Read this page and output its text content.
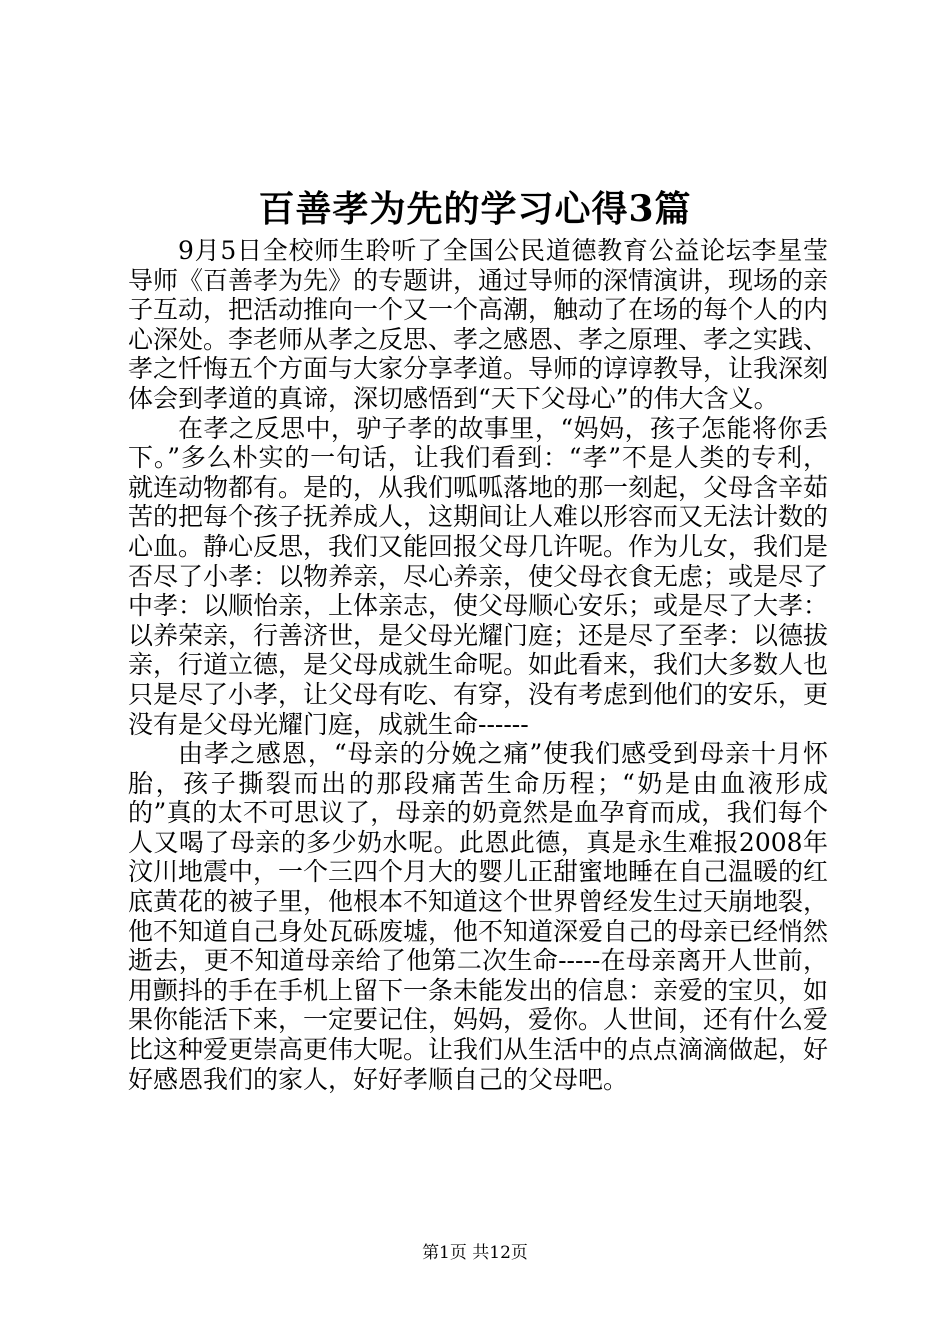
百善孝为先的学习心得3篇

9月5日全校师生聆听了全国公民道德教育公益论坛李星莹导师《百善孝为先》的专题讲，通过导师的深情演讲，现场的亲子互动，把活动推向一个又一个高潮，触动了在场的每个人的内心深处。李老师从孝之反思、孝之感恩、孝之原理、孝之实践、孝之忏悔五个方面与大家分享孝道。导师的谆谆教导，让我深刻体会到孝道的真谛，深切感悟到“天下父母心”的伟大含义。

在孝之反思中，驴子孝的故事里，“妈妈，孩子怎能将你丢下。”多么朴实的一句话，让我们看到：“孝”不是人类的专利，就连动物都有。是的，从我们呱呱落地的那一刻起，父母含辛茹苦的把每个孩子抚养成人，这期间让人难以形容而又无法计数的心血。静心反思，我们又能回报父母几许呢。作为儿女，我们是否尽了小孝：以物养亲，尽心养亲，使父母衣食无虑；或是尽了中孝：以顺怡亲，上体亲志，使父母顺心安乐；或是尽了大孝：以养荣亲，行善济世，是父母光耀门庭；还是尽了至孝：以德拔亲，行道立德，是父母成就生命呢。如此看来，我们大多数人也只是尽了小孝，让父母有吃、有穿，没有考虑到他们的安乐，更没有是父母光耀门庭，成就生命------

由孝之感恩，“母亲的分娩之痛”使我们感受到母亲十月怀胎，孩子撕裂而出的那段痛苦生命历程；“奶是由血液形成的”真的太不可思议了，母亲的奶竟然是血孕育而成，我们每个人又喝了母亲的多少奶水呢。此恩此德，真是永生难报2008年汶川地震中，一个三四个月大的婴儿正甜蜜地睡在自己温暖的红底黄花的被子里，他根本不知道这个世界曾经发生过天崩地裂，他不知道自己身处瓦砾废墟，他不知道深爱自己的母亲已经悄然逝去，更不知道母亲给了他第二次生命-----在母亲离开人世前，用颤抖的手在手机上留下一条未能发出的信息：亲爱的宝贝，如果你能活下来，一定要记住，妈妈，爱你。人世间，还有什么爱比这种爱更崇高更伟大呢。让我们从生活中的点点滴滴做起，好好感恩我们的家人，好好孝顺自己的父母吧。

第1页 共12页
